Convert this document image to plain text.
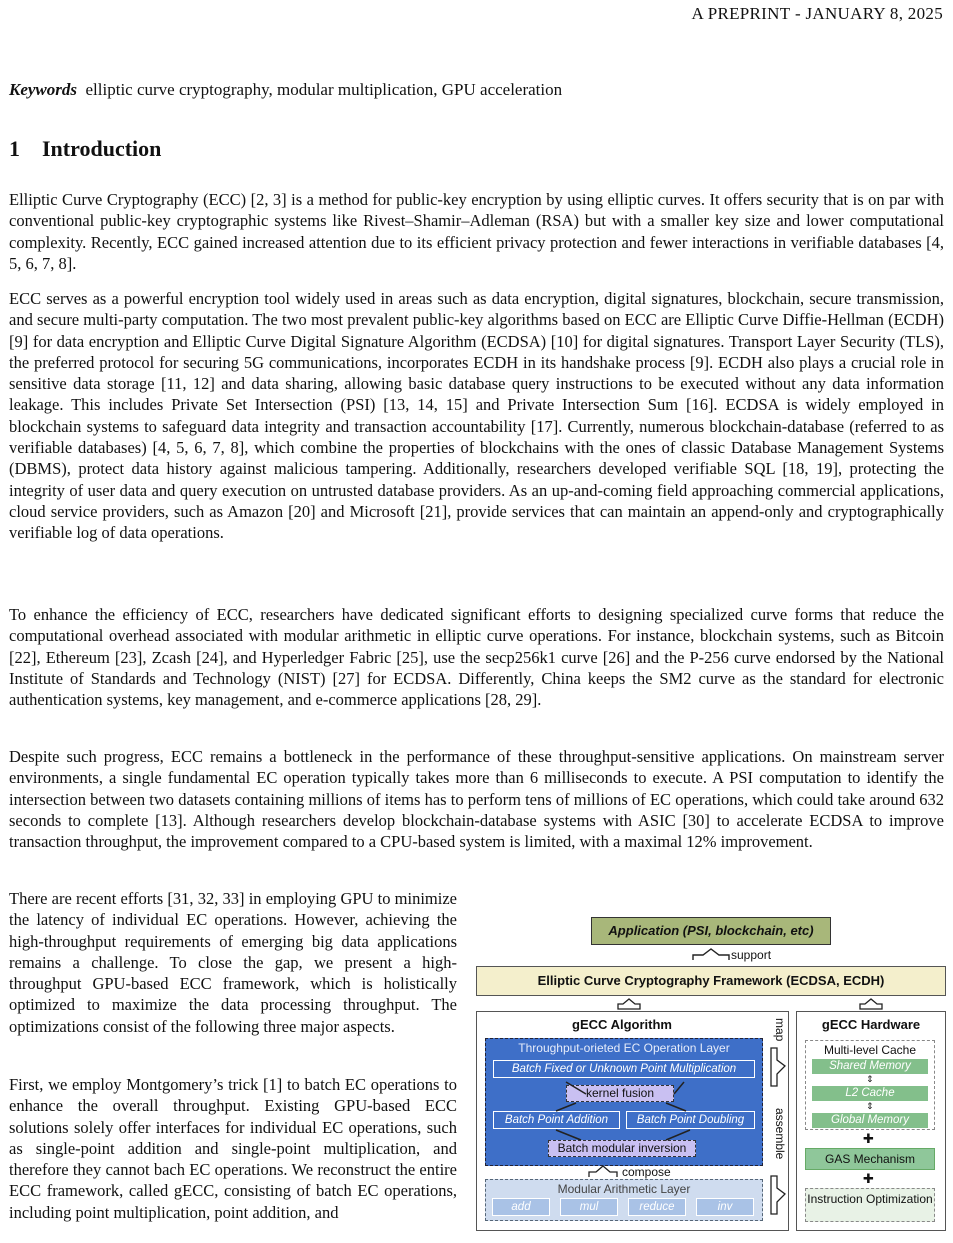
A PREPRINT - JANUARY 8, 2025
Keywords elliptic curve cryptography, modular multiplication, GPU acceleration
1 Introduction

Elliptic Curve Cryptography (ECC) [2, 3] is a method for public-key encryption by using elliptic curves. It offers security that is on par with conventional public-key cryptographic systems like Rivest–Shamir–Adleman (RSA) but with a smaller key size and lower computational complexity. Recently, ECC gained increased attention due to its efficient privacy protection and fewer interactions in verifiable databases [4, 5, 6, 7, 8].

ECC serves as a powerful encryption tool widely used in areas such as data encryption, digital signatures, blockchain, secure transmission, and secure multi-party computation. The two most prevalent public-key algorithms based on ECC are Elliptic Curve Diffie-Hellman (ECDH) [9] for data encryption and Elliptic Curve Digital Signature Algorithm (ECDSA) [10] for digital signatures. Transport Layer Security (TLS), the preferred protocol for securing 5G communications, incorporates ECDH in its handshake process [9]. ECDH also plays a crucial role in sensitive data storage [11, 12] and data sharing, allowing basic database query instructions to be executed without any data information leakage. This includes Private Set Intersection (PSI) [13, 14, 15] and Private Intersection Sum [16]. ECDSA is widely employed in blockchain systems to safeguard data integrity and transaction accountability [17]. Currently, numerous blockchain-database (referred to as verifiable databases) [4, 5, 6, 7, 8], which combine the properties of blockchains with the ones of classic Database Management Systems (DBMS), protect data history against malicious tampering. Additionally, researchers developed verifiable SQL [18, 19], protecting the integrity of user data and query execution on untrusted database providers. As an up-and-coming field approaching commercial applications, cloud service providers, such as Amazon [20] and Microsoft [21], provide services that can maintain an append-only and cryptographically verifiable log of data operations.

To enhance the efficiency of ECC, researchers have dedicated significant efforts to designing specialized curve forms that reduce the computational overhead associated with modular arithmetic in elliptic curve operations. For instance, blockchain systems, such as Bitcoin [22], Ethereum [23], Zcash [24], and Hyperledger Fabric [25], use the secp256k1 curve [26] and the P-256 curve endorsed by the National Institute of Standards and Technology (NIST) [27] for ECDSA. Differently, China keeps the SM2 curve as the standard for electronic authentication systems, key management, and e-commerce applications [28, 29].

Despite such progress, ECC remains a bottleneck in the performance of these throughput-sensitive applications. On mainstream server environments, a single fundamental EC operation typically takes more than 6 milliseconds to execute. A PSI computation to identify the intersection between two datasets containing millions of items has to perform tens of millions of EC operations, which could take around 632 seconds to complete [13]. Although researchers develop blockchain-database systems with ASIC [30] to accelerate ECDSA to improve transaction throughput, the improvement compared to a CPU-based system is limited, with a maximal 12% improvement.

There are recent efforts [31, 32, 33] in employing GPU to minimize the latency of individual EC operations. However, achieving the high-throughput requirements of emerging big data applications remains a challenge. To close the gap, we present a high-throughput GPU-based ECC framework, which is holistically optimized to maximize the data processing throughput. The optimizations consist of the following three major aspects.

First, we employ Montgomery’s trick [1] to batch EC operations to enhance the overall throughput. Existing GPU-based ECC solutions solely offer interfaces for individual EC operations, such as single-point addition and single-point multiplication, and therefore they cannot bach EC operations. We reconstruct the entire ECC framework, called gECC, consisting of batch EC operations, including point multiplication, point addition, and

Application (PSI, blockchain, etc)
support
Elliptic Curve Cryptography Framework (ECDSA, ECDH)
gECC Algorithm
Throughput-orieted EC Operation Layer
Batch Fixed or Unknown Point Multiplication
kernel fusion
Batch Point Addition	Batch Point Doubling
Batch modular inversion
compose
Modular Arithmetic Layer
add	mul	reduce	inv
map
assemble
gECC Hardware
Multi-level Cache
Shared Memory
⇕
L2 Cache
⇕
Global Memory
✚
GAS Mechanism
✚
Instruction Optimization
